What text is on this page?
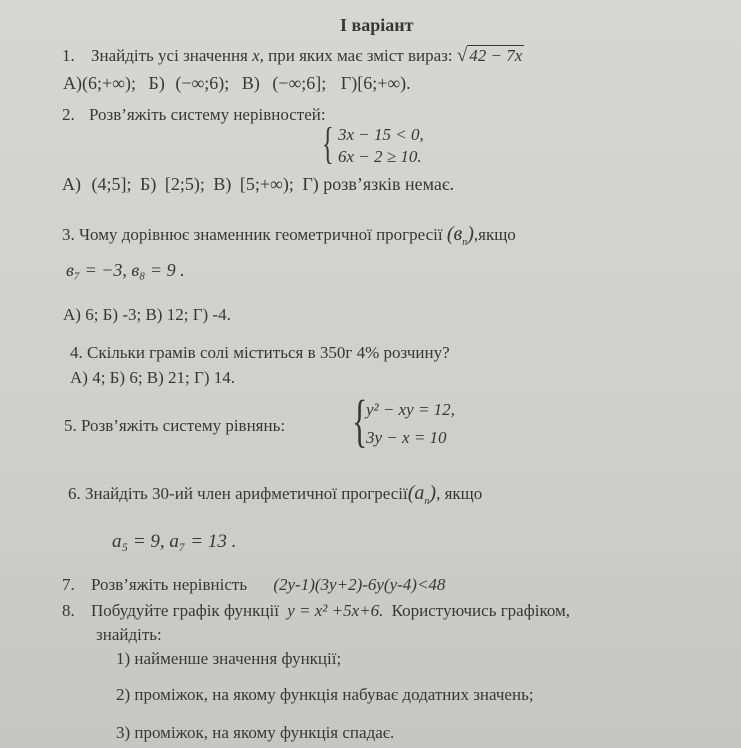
I варіант
1. Знайдіть усі значення x, при яких має зміст вираз: √ 42 − 7x
А)(6;+∞); Б) (−∞;6); В) (−∞;6]; Г)[6;+∞).
2. Розв’яжіть систему нерівностей:
{ 3x − 15 < 0,
6x − 2 ≥ 10.
А) (4;5]; Б) [2;5); В) [5;+∞); Г) розв’язків немає.
3. Чому дорівнює знаменник геометричної прогресії $(в_n),якщо$
в₇ = −3, в₈ = 9 .
А) 6; Б) -3; В) 12; Г) -4.
4. Скільки грамів солі міститься в 350г 4% розчину?
А) 4; Б) 6; В) 21; Г) 14.
5. Розв’яжіть систему рівнянь: {
y² − xy = 12,
3y − x = 10
6. Знайдіть 30-ий член арифметичної $прогресії(a_n)$, якщо
a₅ = 9, a₇ = 13 .
7. Розв’яжіть нерівність (2y-1)(3y+2)-6y(y-4)<48
8. Побудуйте графік функції y = x² +5x+6. Користуючись графіком,
знайдіть:
1) найменше значення функції;
2) проміжок, на якому функція набуває додатних значень;
3) проміжок, на якому функція спадає.
